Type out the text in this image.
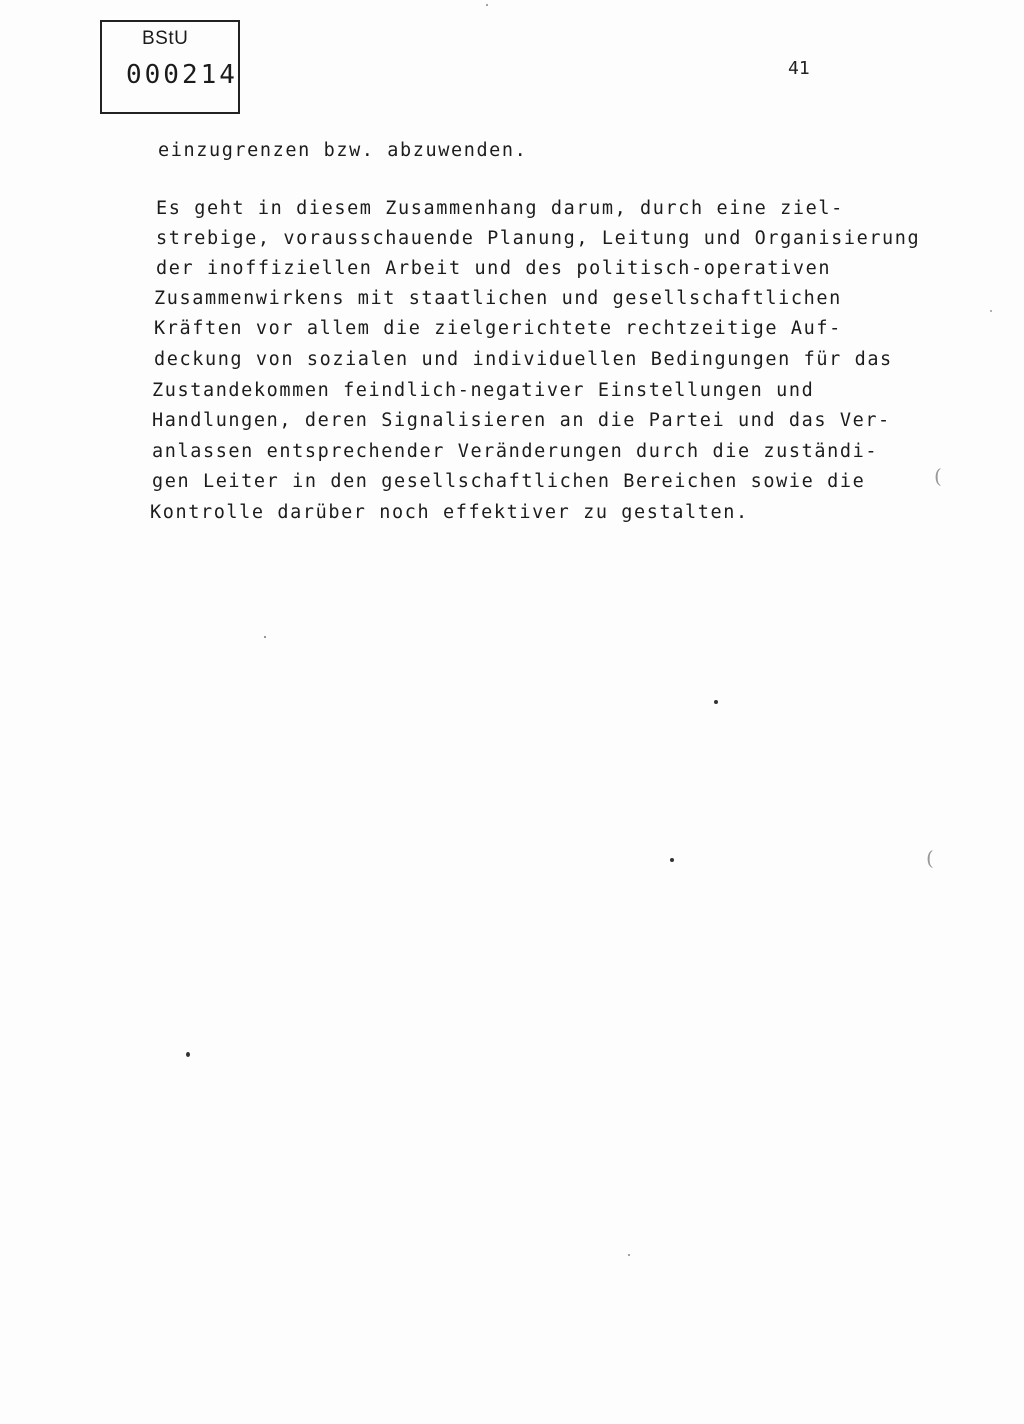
BStU
000214	41
einzugrenzen bzw. abzuwenden.
Es geht in diesem Zusammenhang darum, durch eine ziel-
strebige, vorausschauende Planung, Leitung und Organisierung
der inoffiziellen Arbeit und des politisch-operativen
Zusammenwirkens mit staatlichen und gesellschaftlichen
Kräften vor allem die zielgerichtete rechtzeitige Auf-
deckung von sozialen und individuellen Bedingungen für das
Zustandekommen feindlich-negativer Einstellungen und
Handlungen, deren Signalisieren an die Partei und das Ver-
anlassen entsprechender Veränderungen durch die zuständi-
gen Leiter in den gesellschaftlichen Bereichen sowie die
Kontrolle darüber noch effektiver zu gestalten.
(
(
